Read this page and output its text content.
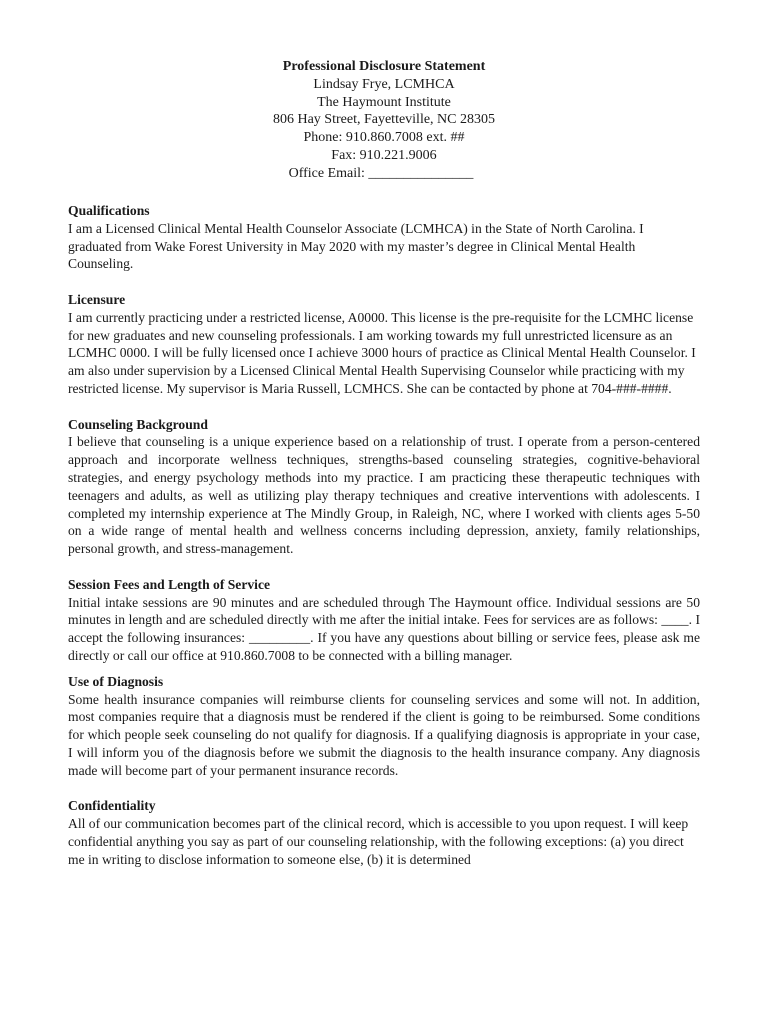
Professional Disclosure Statement
Lindsay Frye, LCMHCA
The Haymount Institute
806 Hay Street, Fayetteville, NC 28305
Phone: 910.860.7008 ext. ##
Fax: 910.221.9006
Office Email: _______________
Qualifications

I am a Licensed Clinical Mental Health Counselor Associate (LCMHCA) in the State of North Carolina. I graduated from Wake Forest University in May 2020 with my master’s degree in Clinical Mental Health Counseling.

Licensure

I am currently practicing under a restricted license, A0000. This license is the pre-requisite for the LCMHC license for new graduates and new counseling professionals. I am working towards my full unrestricted licensure as an LCMHC 0000. I will be fully licensed once I achieve 3000 hours of practice as Clinical Mental Health Counselor. I am also under supervision by a Licensed Clinical Mental Health Supervising Counselor while practicing with my restricted license. My supervisor is Maria Russell, LCMHCS. She can be contacted by phone at 704-###-####.

Counseling Background

I believe that counseling is a unique experience based on a relationship of trust. I operate from a person-centered approach and incorporate wellness techniques, strengths-based counseling strategies, cognitive-behavioral strategies, and energy psychology methods into my practice. I am practicing these therapeutic techniques with teenagers and adults, as well as utilizing play therapy techniques and creative interventions with adolescents. I completed my internship experience at The Mindly Group, in Raleigh, NC, where I worked with clients ages 5-50 on a wide range of mental health and wellness concerns including depression, anxiety, family relationships, personal growth, and stress-management.

Session Fees and Length of Service

Initial intake sessions are 90 minutes and are scheduled through The Haymount office. Individual sessions are 50 minutes in length and are scheduled directly with me after the initial intake. Fees for services are as follows: ____. I accept the following insurances: _________. If you have any questions about billing or service fees, please ask me directly or call our office at 910.860.7008 to be connected with a billing manager.

Use of Diagnosis

Some health insurance companies will reimburse clients for counseling services and some will not. In addition, most companies require that a diagnosis must be rendered if the client is going to be reimbursed. Some conditions for which people seek counseling do not qualify for diagnosis. If a qualifying diagnosis is appropriate in your case, I will inform you of the diagnosis before we submit the diagnosis to the health insurance company. Any diagnosis made will become part of your permanent insurance records.

Confidentiality

All of our communication becomes part of the clinical record, which is accessible to you upon request. I will keep confidential anything you say as part of our counseling relationship, with the following exceptions: (a) you direct me in writing to disclose information to someone else, (b) it is determined
